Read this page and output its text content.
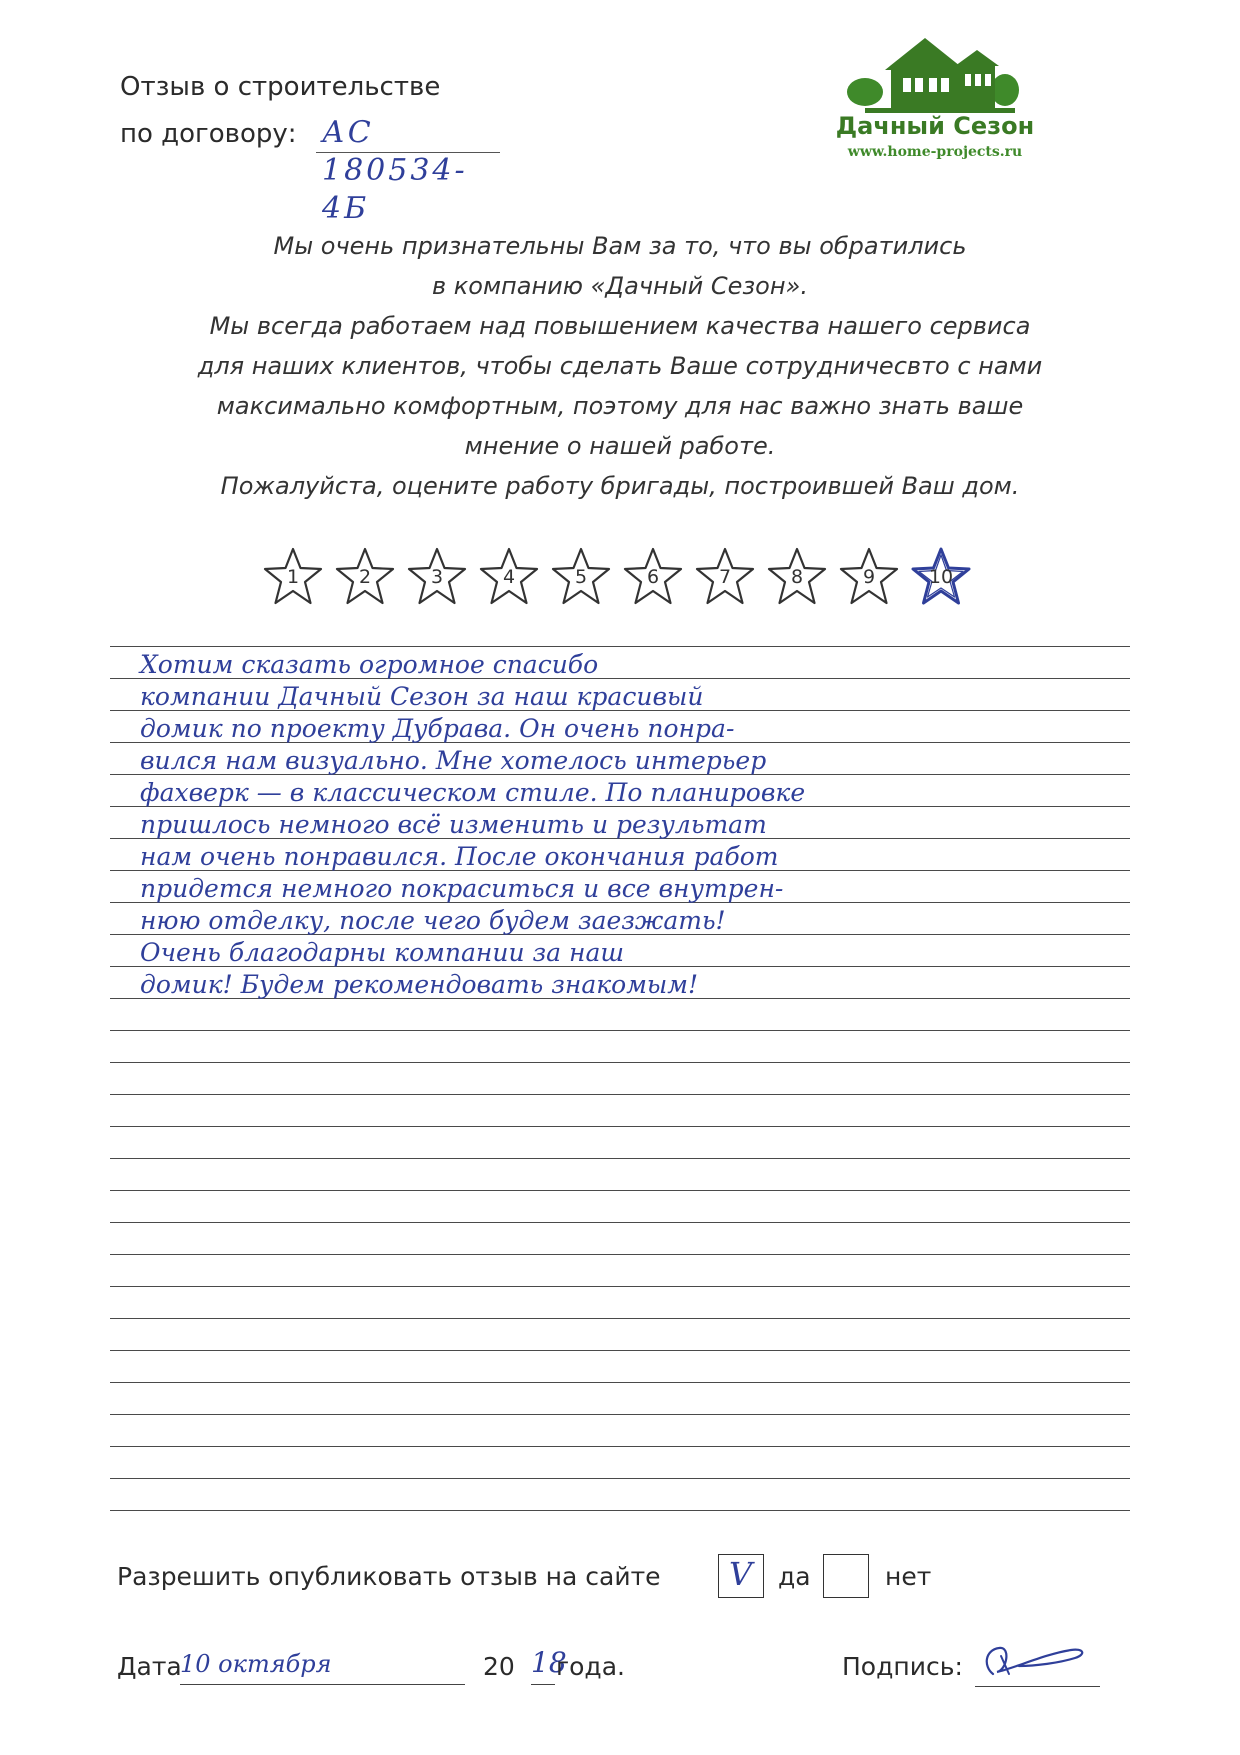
Отзыв о строительстве
по договору: АС 180534-4Б
Дачный Сезон
www.home-projects.ru
Мы очень признательны Вам за то, что вы обратились
в компанию «Дачный Сезон».
Мы всегда работаем над повышением качества нашего сервиса
для наших клиентов, чтобы сделать Ваше сотрудничесвто с нами
максимально комфортным, поэтому для нас важно знать ваше
мнение о нашей работе.
Пожалуйста, оцените работу бригады, построившей Ваш дом.
1	2	3	4	5	6	7	8	9	10
Хотим сказать огромное спасибо
компании Дачный Сезон за наш красивый
домик по проекту Дубрава. Он очень понра-
вился нам визуально. Мне хотелось интерьер
фахверк — в классическом стиле. По планировке
пришлось немного всё изменить и результат
нам очень понравился. После окончания работ
придется немного покраситься и все внутрен-
нюю отделку, после чего будем заезжать!
Очень благодарны компании за наш
домик! Будем рекомендовать знакомым!
Разрешить опубликовать отзыв на сайте V да	нет
Дата
10 октября	20 18
года.	Подпись:
